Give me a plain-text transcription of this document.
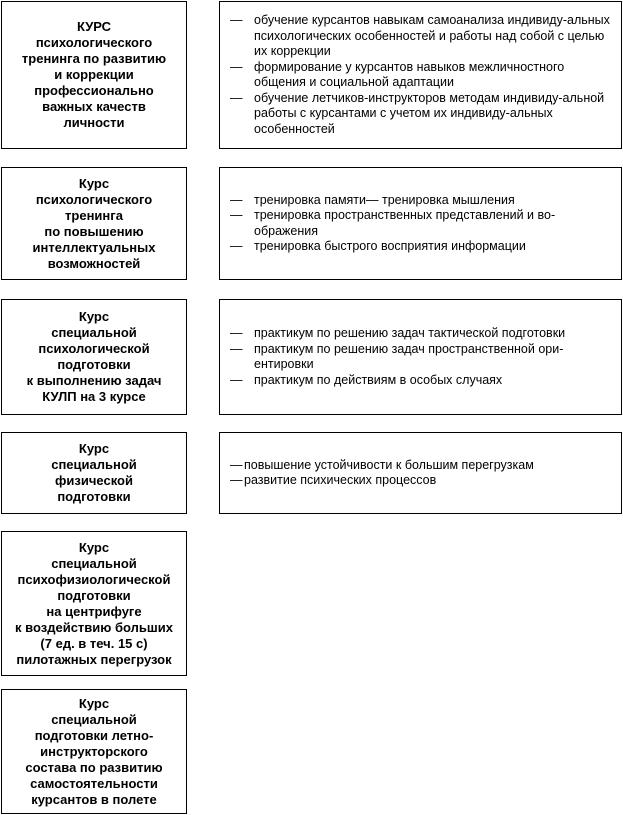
КУРС
психологического
тренинга по развитию
и коррекции
профессионально
важных качеств
личности
— обучение курсантов навыкам самоанализа индивиду-альных психологических особенностей и работы над собой с целью их коррекции
— формирование у курсантов навыков межличностного общения и социальной адаптации
— обучение летчиков-инструкторов методам индивиду-альной работы с курсантами с учетом их индивиду-альных особенностей
Курс
психологического
тренинга
по повышению
интеллектуальных
возможностей
— тренировка памяти— тренировка мышления
— тренировка пространственных представлений и во-ображения
— тренировка быстрого восприятия информации
Курс
специальной
психологической
подготовки
к выполнению задач
КУЛП на 3 курсе
— практикум по решению задач тактической подготовки
— практикум по решению задач пространственной ори-ентировки
— практикум по действиям в особых случаях
Курс
специальной
физической
подготовки
— повышение устойчивости к большим перегрузкам
— развитие психических процессов
Курс
специальной
психофизиологической
подготовки
на центрифуге
к воздействию больших
(7 ед. в теч. 15 с)
пилотажных перегрузок
Курс
специальной
подготовки летно-
инструкторского
состава по развитию
самостоятельности
курсантов в полете
